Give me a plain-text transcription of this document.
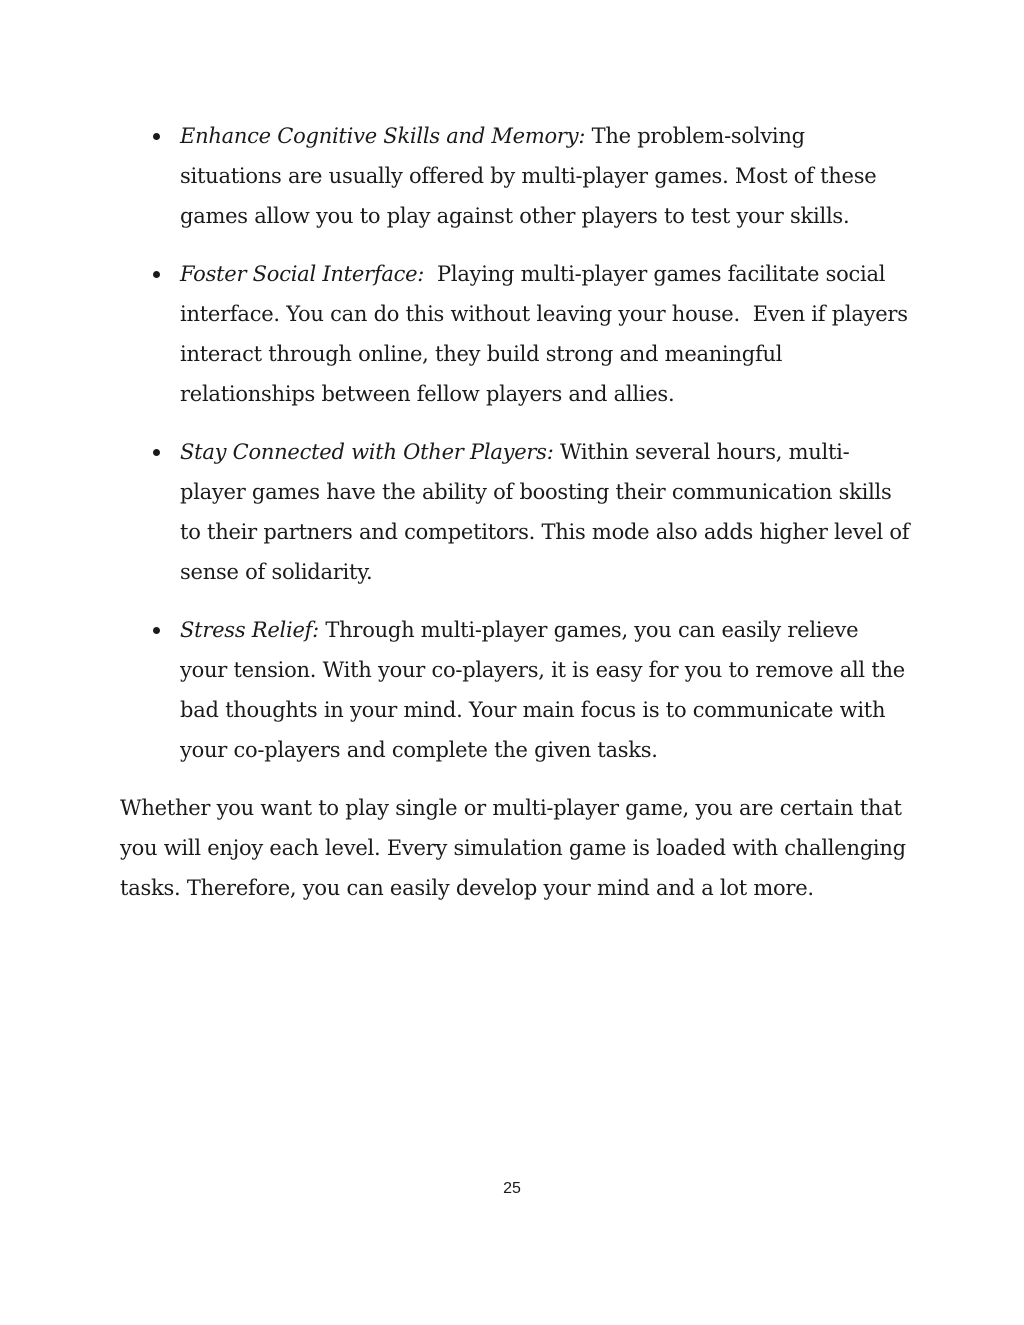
Enhance Cognitive Skills and Memory: The problem-solving situations are usually offered by multi-player games. Most of these games allow you to play against other players to test your skills.
Foster Social Interface:  Playing multi-player games facilitate social interface. You can do this without leaving your house.  Even if players interact through online, they build strong and meaningful relationships between fellow players and allies.
Stay Connected with Other Players: Within several hours, multi-player games have the ability of boosting their communication skills to their partners and competitors. This mode also adds higher level of sense of solidarity.
Stress Relief: Through multi-player games, you can easily relieve your tension. With your co-players, it is easy for you to remove all the bad thoughts in your mind. Your main focus is to communicate with your co-players and complete the given tasks.

Whether you want to play single or multi-player game, you are certain that you will enjoy each level. Every simulation game is loaded with challenging tasks. Therefore, you can easily develop your mind and a lot more.

25
